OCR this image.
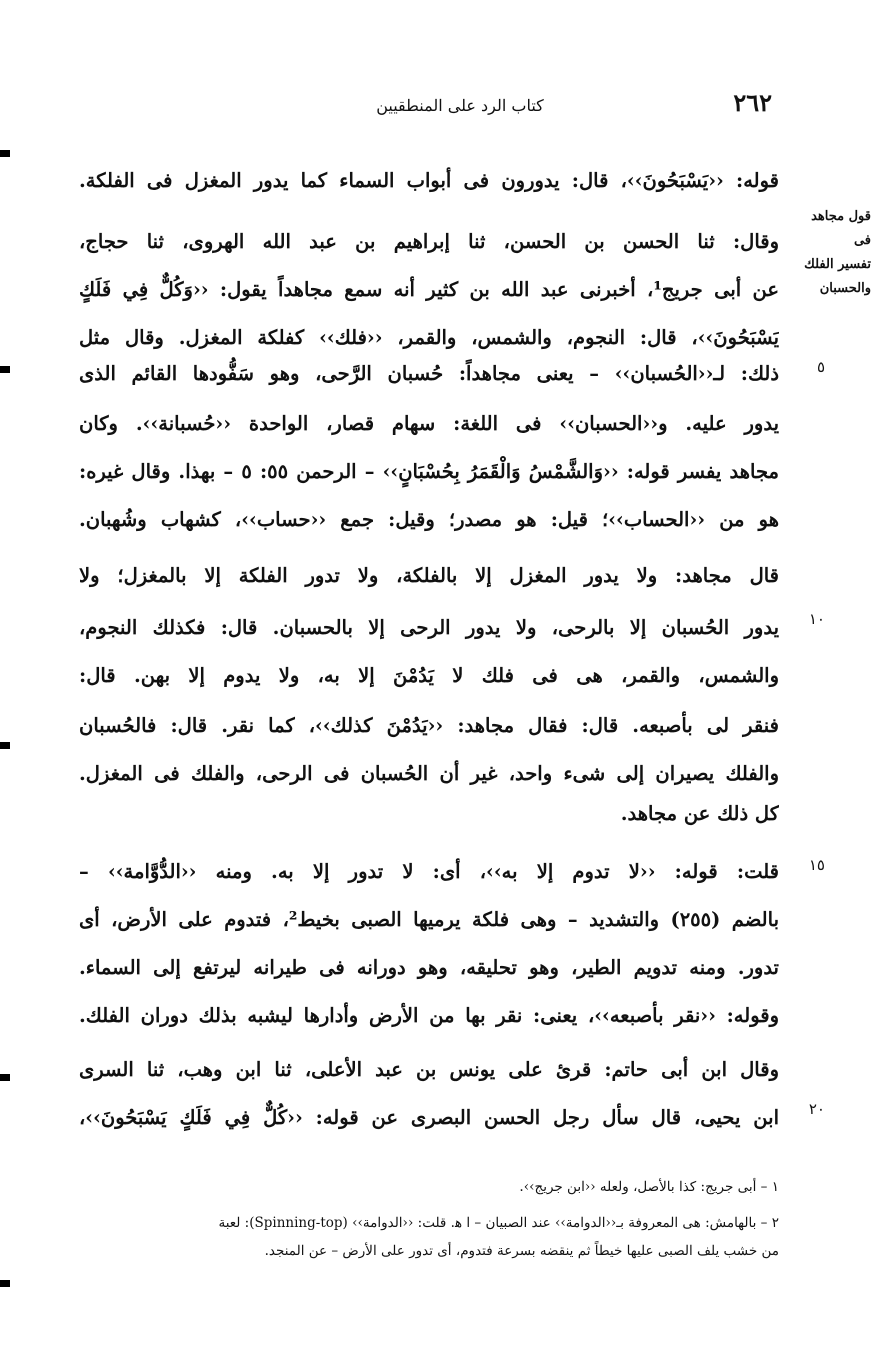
٢٦٢
كتاب الرد على المنطقيين
قول مجاهد فى
تفسير الفلك
والحسبان
٥
١٠
١٥
٢٠
قوله: ‹‹يَسْبَحُونَ››، قال: يدورون فى أبواب السماء كما يدور المغزل فى الفلكة.
وقال: ثنا الحسن بن الحسن، ثنا إبراهيم بن عبد الله الهروى، ثنا حجاج،
عن أبى جريج¹، أخبرنى عبد الله بن كثير أنه سمع مجاهداً يقول: ‹‹وَكُلٌّ فِي فَلَكٍ
يَسْبَحُونَ››، قال: النجوم، والشمس، والقمر، ‹‹فلك›› كفلكة المغزل. وقال مثل
ذلك: لـ‹‹الحُسبان›› – يعنى مجاهداً: حُسبان الرَّحى، وهو سَفُّودها القائم الذى
يدور عليه. و‹‹الحسبان›› فى اللغة: سهام قصار، الواحدة ‹‹حُسبانة››. وكان
مجاهد يفسر قوله: ‹‹وَالشَّمْسُ وَالْقَمَرُ بِحُسْبَانٍ›› – الرحمن ٥٥: ٥ – بهذا. وقال غيره:
هو من ‹‹الحساب››؛ قيل: هو مصدر؛ وقيل: جمع ‹‹حساب››، كشهاب وشُهبان.
قال مجاهد: ولا يدور المغزل إلا بالفلكة، ولا تدور الفلكة إلا بالمغزل؛ ولا
يدور الحُسبان إلا بالرحى، ولا يدور الرحى إلا بالحسبان. قال: فكذلك النجوم،
والشمس، والقمر، هى فى فلك لا يَدُمْنَ إلا به، ولا يدوم إلا بهن. قال:
فنقر لى بأصبعه. قال: فقال مجاهد: ‹‹يَدُمْنَ كذلك››، كما نقر. قال: فالحُسبان
والفلك يصيران إلى شىء واحد، غير أن الحُسبان فى الرحى، والفلك فى المغزل.
كل ذلك عن مجاهد.
قلت: قوله: ‹‹لا تدوم إلا به››، أى: لا تدور إلا به. ومنه ‹‹الدُّوَّامة›› –
بالضم (٢٥٥) والتشديد – وهى فلكة يرميها الصبى بخيط²، فتدوم على الأرض، أى
تدور. ومنه تدويم الطير، وهو تحليقه، وهو دورانه فى طيرانه ليرتفع إلى السماء.
وقوله: ‹‹نقر بأصبعه››، يعنى: نقر بها من الأرض وأدارها ليشبه بذلك دوران الفلك.
وقال ابن أبى حاتم: قرئ على يونس بن عبد الأعلى، ثنا ابن وهب، ثنا السرى
ابن يحيى، قال سأل رجل الحسن البصرى عن قوله: ‹‹كُلٌّ فِي فَلَكٍ يَسْبَحُونَ››،
١ – أبى جريج: كذا بالأصل، ولعله ‹‹ابن جريج››.
٢ – بالهامش: هى المعروفة بـ‹‹الدوامة›› عند الصبيان – ا ﻫ. قلت: ‹‹الدوامة›› (Spinning-top): لعبة
من خشب يلف الصبى عليها خيطاً ثم ينقضه بسرعة فتدوم، أى تدور على الأرض – عن المنجد.
